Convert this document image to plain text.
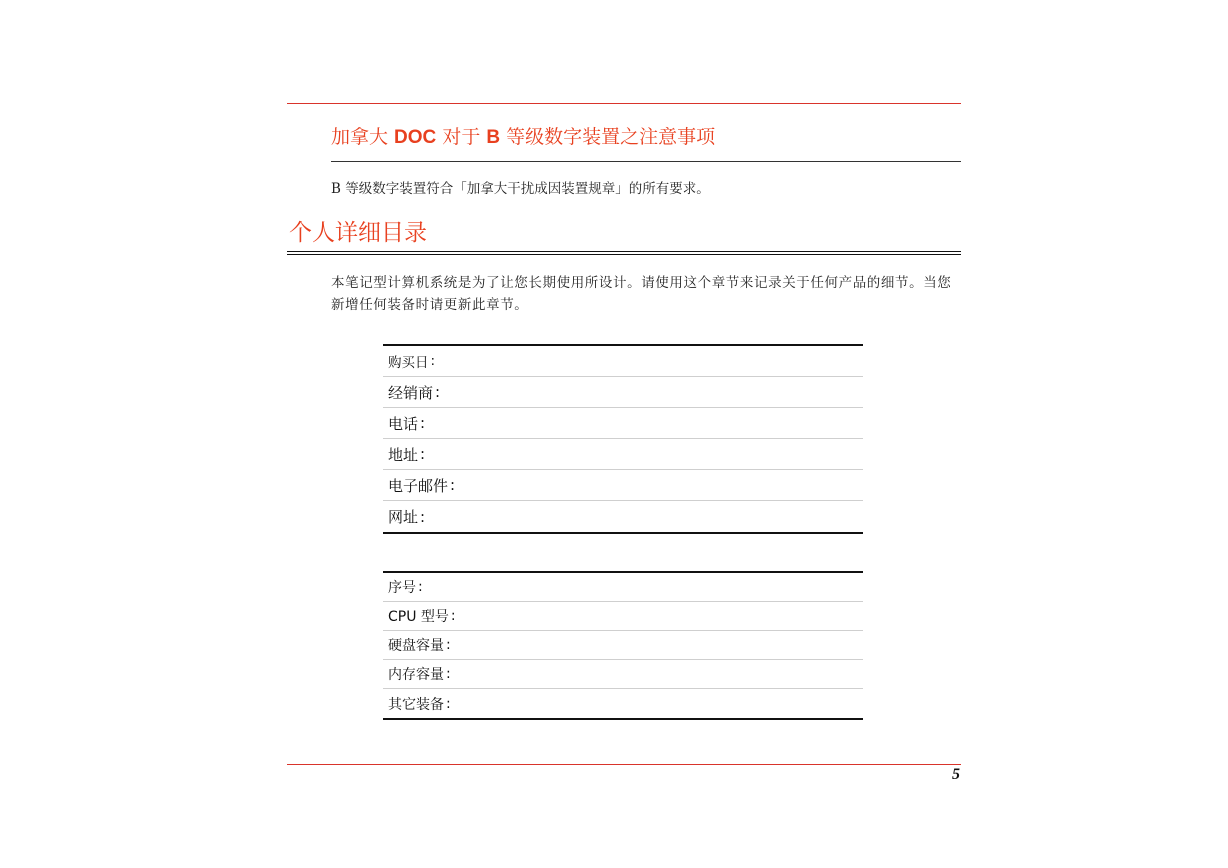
加拿大 DOC 对于 B 等级数字装置之注意事项
B 等级数字装置符合「加拿大干扰成因装置规章」的所有要求。
个人详细目录
本笔记型计算机系统是为了让您长期使用所设计。请使用这个章节来记录关于任何产品的细节。当您新增任何装备时请更新此章节。
购买日 :
经销商 :
电话 :
地址 :
电子邮件 :
网址 :
序号 :
CPU 型号 :
硬盘容量 :
内存容量 :
其它装备 :
5
